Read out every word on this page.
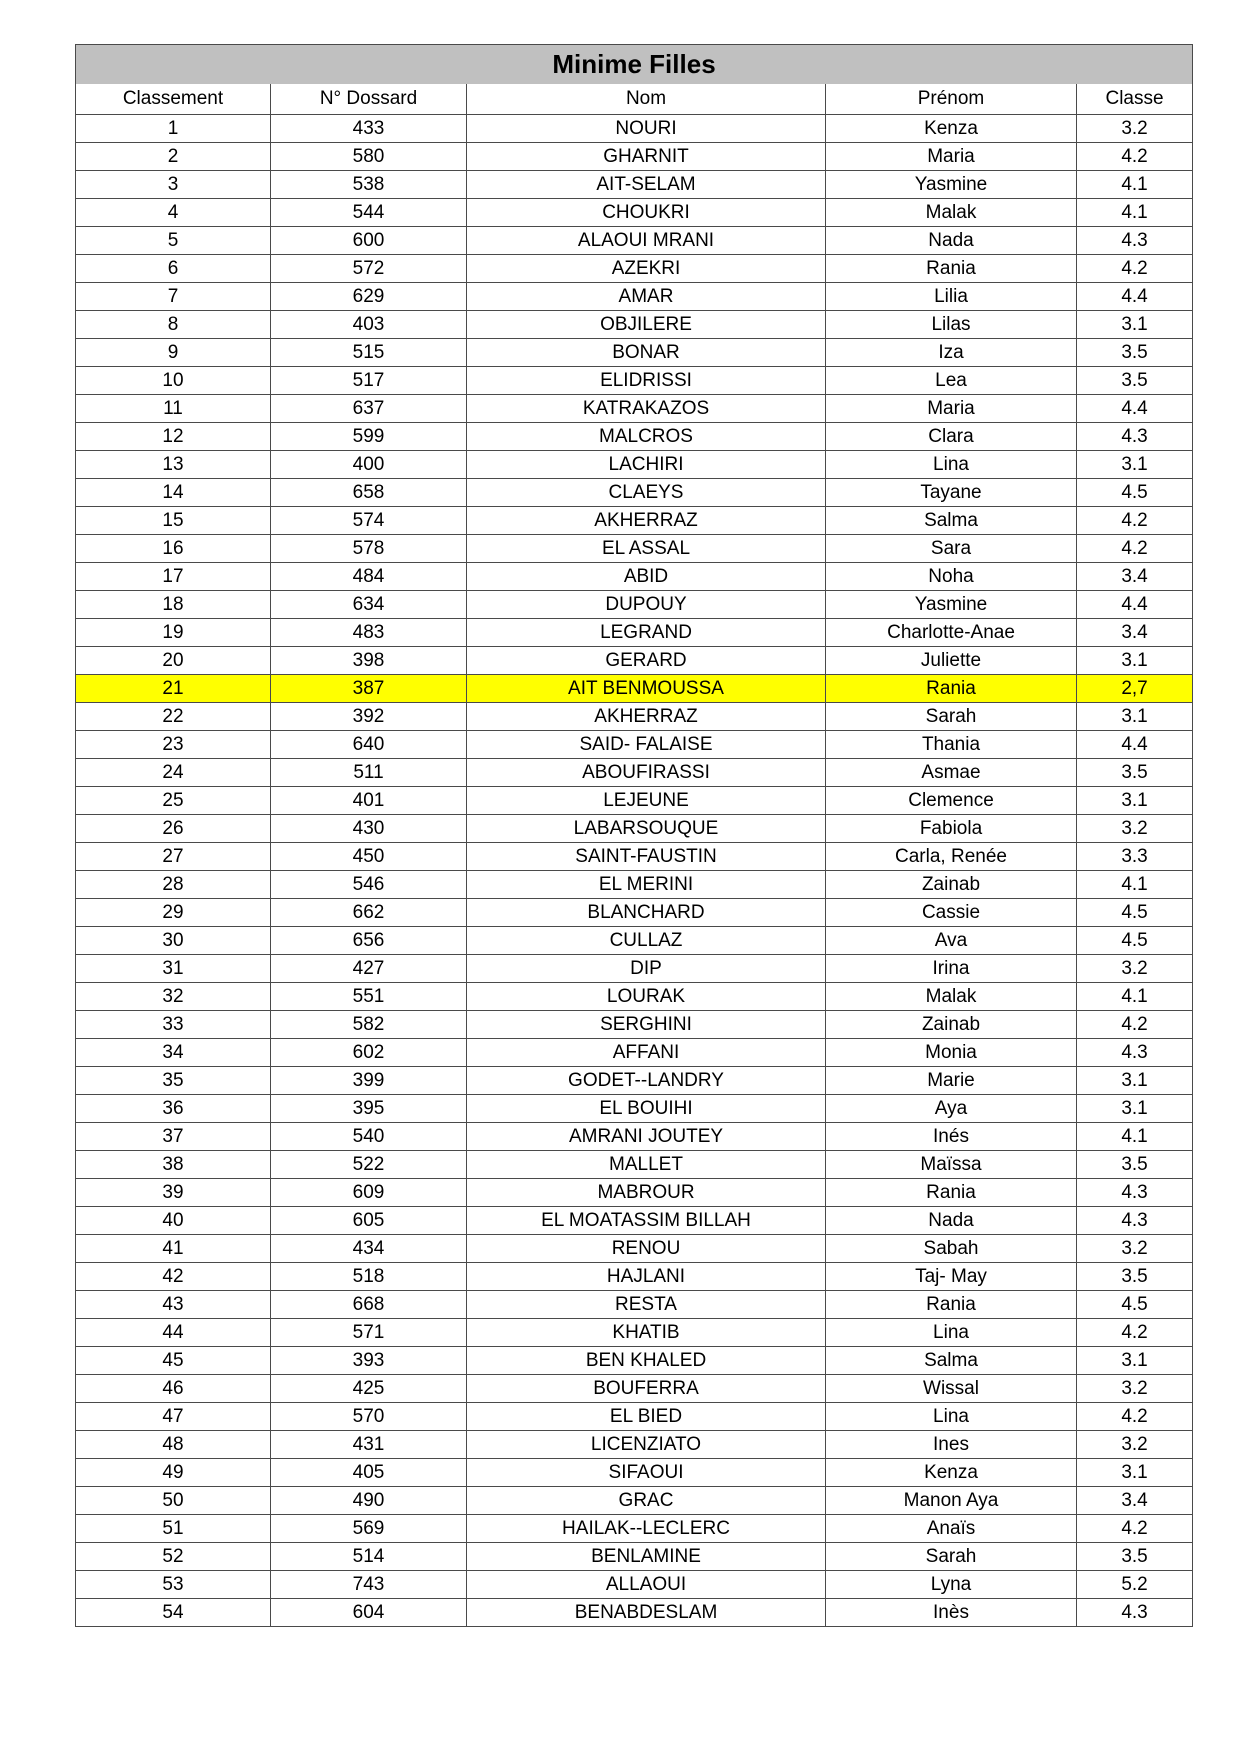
Minime Filles				
Classement	N° Dossard	Nom	Prénom	Classe
1	433	NOURI	Kenza	3.2
2	580	GHARNIT	Maria	4.2
3	538	AIT-SELAM	Yasmine	4.1
4	544	CHOUKRI	Malak	4.1
5	600	ALAOUI MRANI	Nada	4.3
6	572	AZEKRI	Rania	4.2
7	629	AMAR	Lilia	4.4
8	403	OBJILERE	Lilas	3.1
9	515	BONAR	Iza	3.5
10	517	ELIDRISSI	Lea	3.5
11	637	KATRAKAZOS	Maria	4.4
12	599	MALCROS	Clara	4.3
13	400	LACHIRI	Lina	3.1
14	658	CLAEYS	Tayane	4.5
15	574	AKHERRAZ	Salma	4.2
16	578	EL ASSAL	Sara	4.2
17	484	ABID	Noha	3.4
18	634	DUPOUY	Yasmine	4.4
19	483	LEGRAND	Charlotte-Anae	3.4
20	398	GERARD	Juliette	3.1
21	387	AIT BENMOUSSA	Rania	2,7
22	392	AKHERRAZ	Sarah	3.1
23	640	SAID- FALAISE	Thania	4.4
24	511	ABOUFIRASSI	Asmae	3.5
25	401	LEJEUNE	Clemence	3.1
26	430	LABARSOUQUE	Fabiola	3.2
27	450	SAINT-FAUSTIN	Carla, Renée	3.3
28	546	EL MERINI	Zainab	4.1
29	662	BLANCHARD	Cassie	4.5
30	656	CULLAZ	Ava	4.5
31	427	DIP	Irina	3.2
32	551	LOURAK	Malak	4.1
33	582	SERGHINI	Zainab	4.2
34	602	AFFANI	Monia	4.3
35	399	GODET--LANDRY	Marie	3.1
36	395	EL BOUIHI	Aya	3.1
37	540	AMRANI JOUTEY	Inés	4.1
38	522	MALLET	Maïssa	3.5
39	609	MABROUR	Rania	4.3
40	605	EL MOATASSIM BILLAH	Nada	4.3
41	434	RENOU	Sabah	3.2
42	518	HAJLANI	Taj- May	3.5
43	668	RESTA	Rania	4.5
44	571	KHATIB	Lina	4.2
45	393	BEN KHALED	Salma	3.1
46	425	BOUFERRA	Wissal	3.2
47	570	EL BIED	Lina	4.2
48	431	LICENZIATO	Ines	3.2
49	405	SIFAOUI	Kenza	3.1
50	490	GRAC	Manon Aya	3.4
51	569	HAILAK--LECLERC	Anaïs	4.2
52	514	BENLAMINE	Sarah	3.5
53	743	ALLAOUI	Lyna	5.2
54	604	BENABDESLAM	Inès	4.3
